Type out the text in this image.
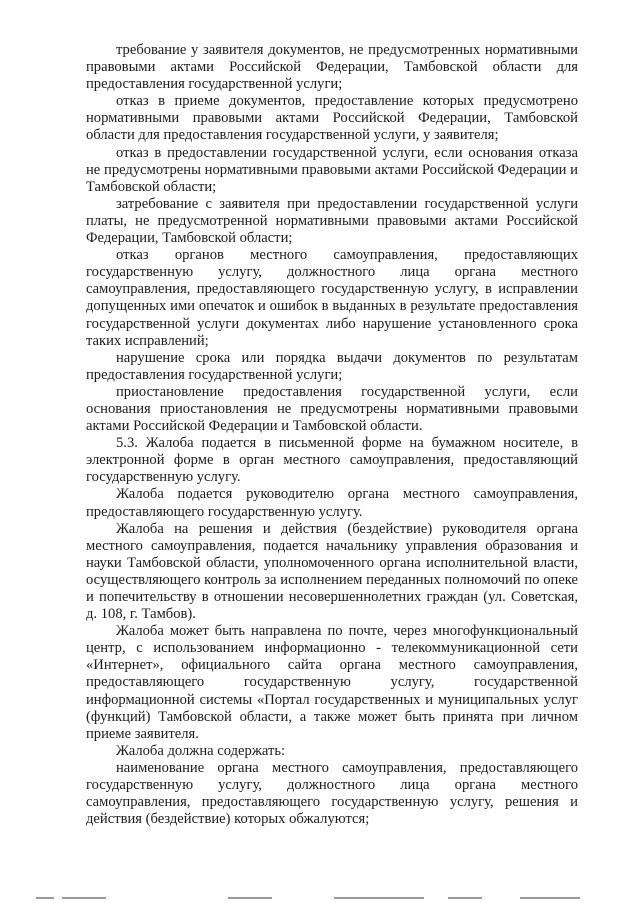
требование у заявителя документов, не предусмотренных нормативными правовыми актами Российской Федерации, Тамбовской области для предоставления государственной услуги;

отказ в приеме документов, предоставление которых предусмотрено нормативными правовыми актами Российской Федерации, Тамбовской области для предоставления государственной услуги, у заявителя;

отказ в предоставлении государственной услуги, если основания отказа не предусмотрены нормативными правовыми актами Российской Федерации и Тамбовской области;

затребование с заявителя при предоставлении государственной услуги платы, не предусмотренной нормативными правовыми актами Российской Федерации, Тамбовской области;

отказ органов местного самоуправления, предоставляющих государственную услугу, должностного лица органа местного самоуправления, предоставляющего государственную услугу, в исправлении допущенных ими опечаток и ошибок в выданных в результате предоставления государственной услуги документах либо нарушение установленного срока таких исправлений;

нарушение срока или порядка выдачи документов по результатам предоставления государственной услуги;

приостановление предоставления государственной услуги, если основания приостановления не предусмотрены нормативными правовыми актами Российской Федерации и Тамбовской области.

5.3. Жалоба подается в письменной форме на бумажном носителе, в электронной форме в орган местного самоуправления, предоставляющий государственную услугу.

Жалоба подается руководителю органа местного самоуправления, предоставляющего государственную услугу.

Жалоба на решения и действия (бездействие) руководителя органа местного самоуправления, подается начальнику управления образования и науки Тамбовской области, уполномоченного органа исполнительной власти, осуществляющего контроль за исполнением переданных полномочий по опеке и попечительству в отношении несовершеннолетних граждан (ул. Советская, д. 108, г. Тамбов).

Жалоба может быть направлена по почте, через многофункциональный центр, с использованием информационно - телекоммуникационной сети «Интернет», официального сайта органа местного самоуправления, предоставляющего государственную услугу, государственной информационной системы «Портал государственных и муниципальных услуг (функций) Тамбовской области, а также может быть принята при личном приеме заявителя.

Жалоба должна содержать:

наименование органа местного самоуправления, предоставляющего государственную услугу, должностного лица органа местного самоуправления, предоставляющего государственную услугу, решения и действия (бездействие) которых обжалуются;
